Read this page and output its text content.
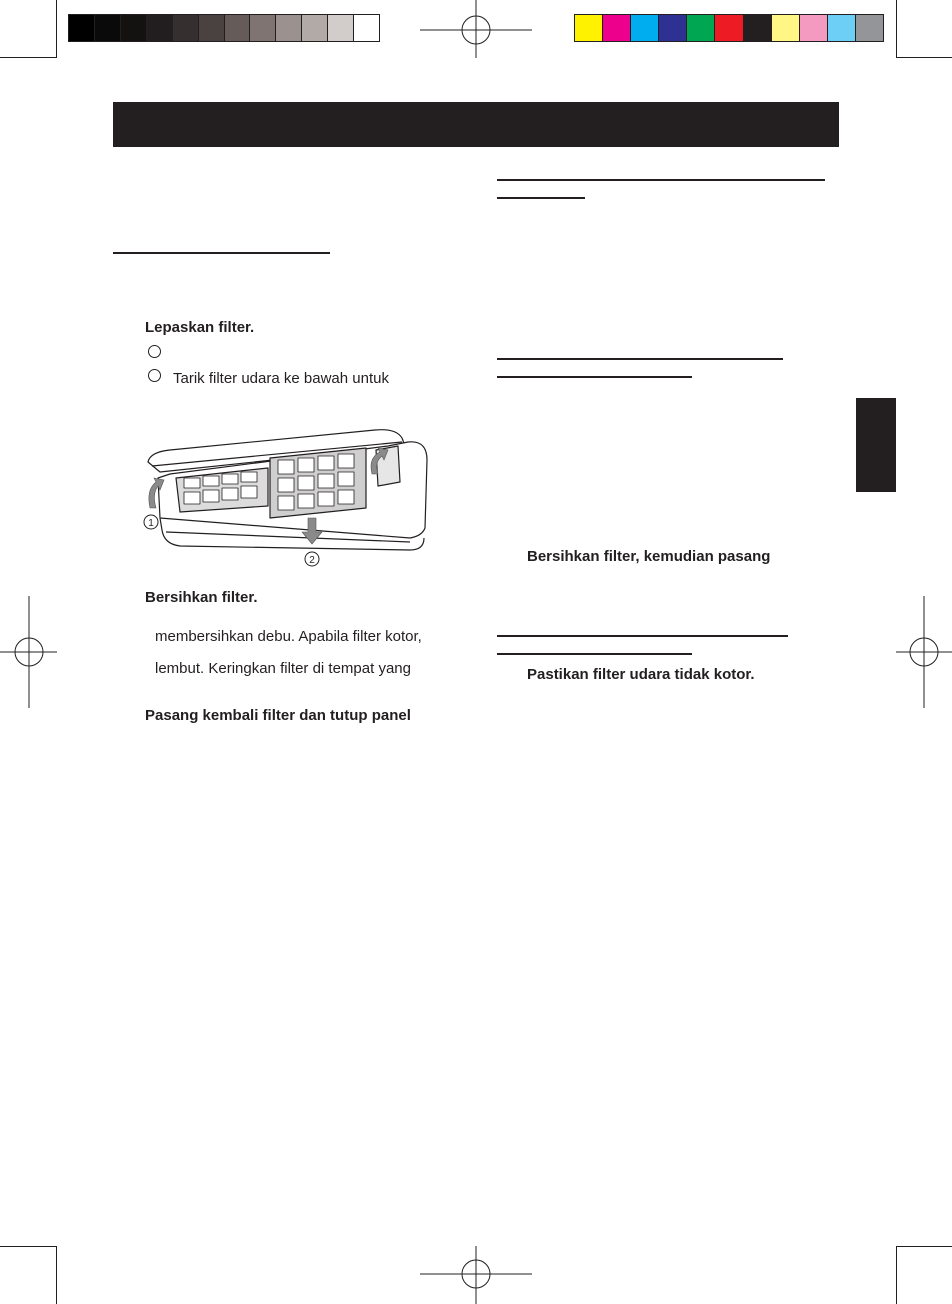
Lepaskan filter.
Tarik filter udara ke bawah untuk
1
2
Bersihkan filter.
membersihkan debu. Apabila filter kotor,
lembut. Keringkan filter di tempat yang
Pasang kembali filter dan tutup panel
Bersihkan filter, kemudian pasang
Pastikan filter udara tidak kotor.
